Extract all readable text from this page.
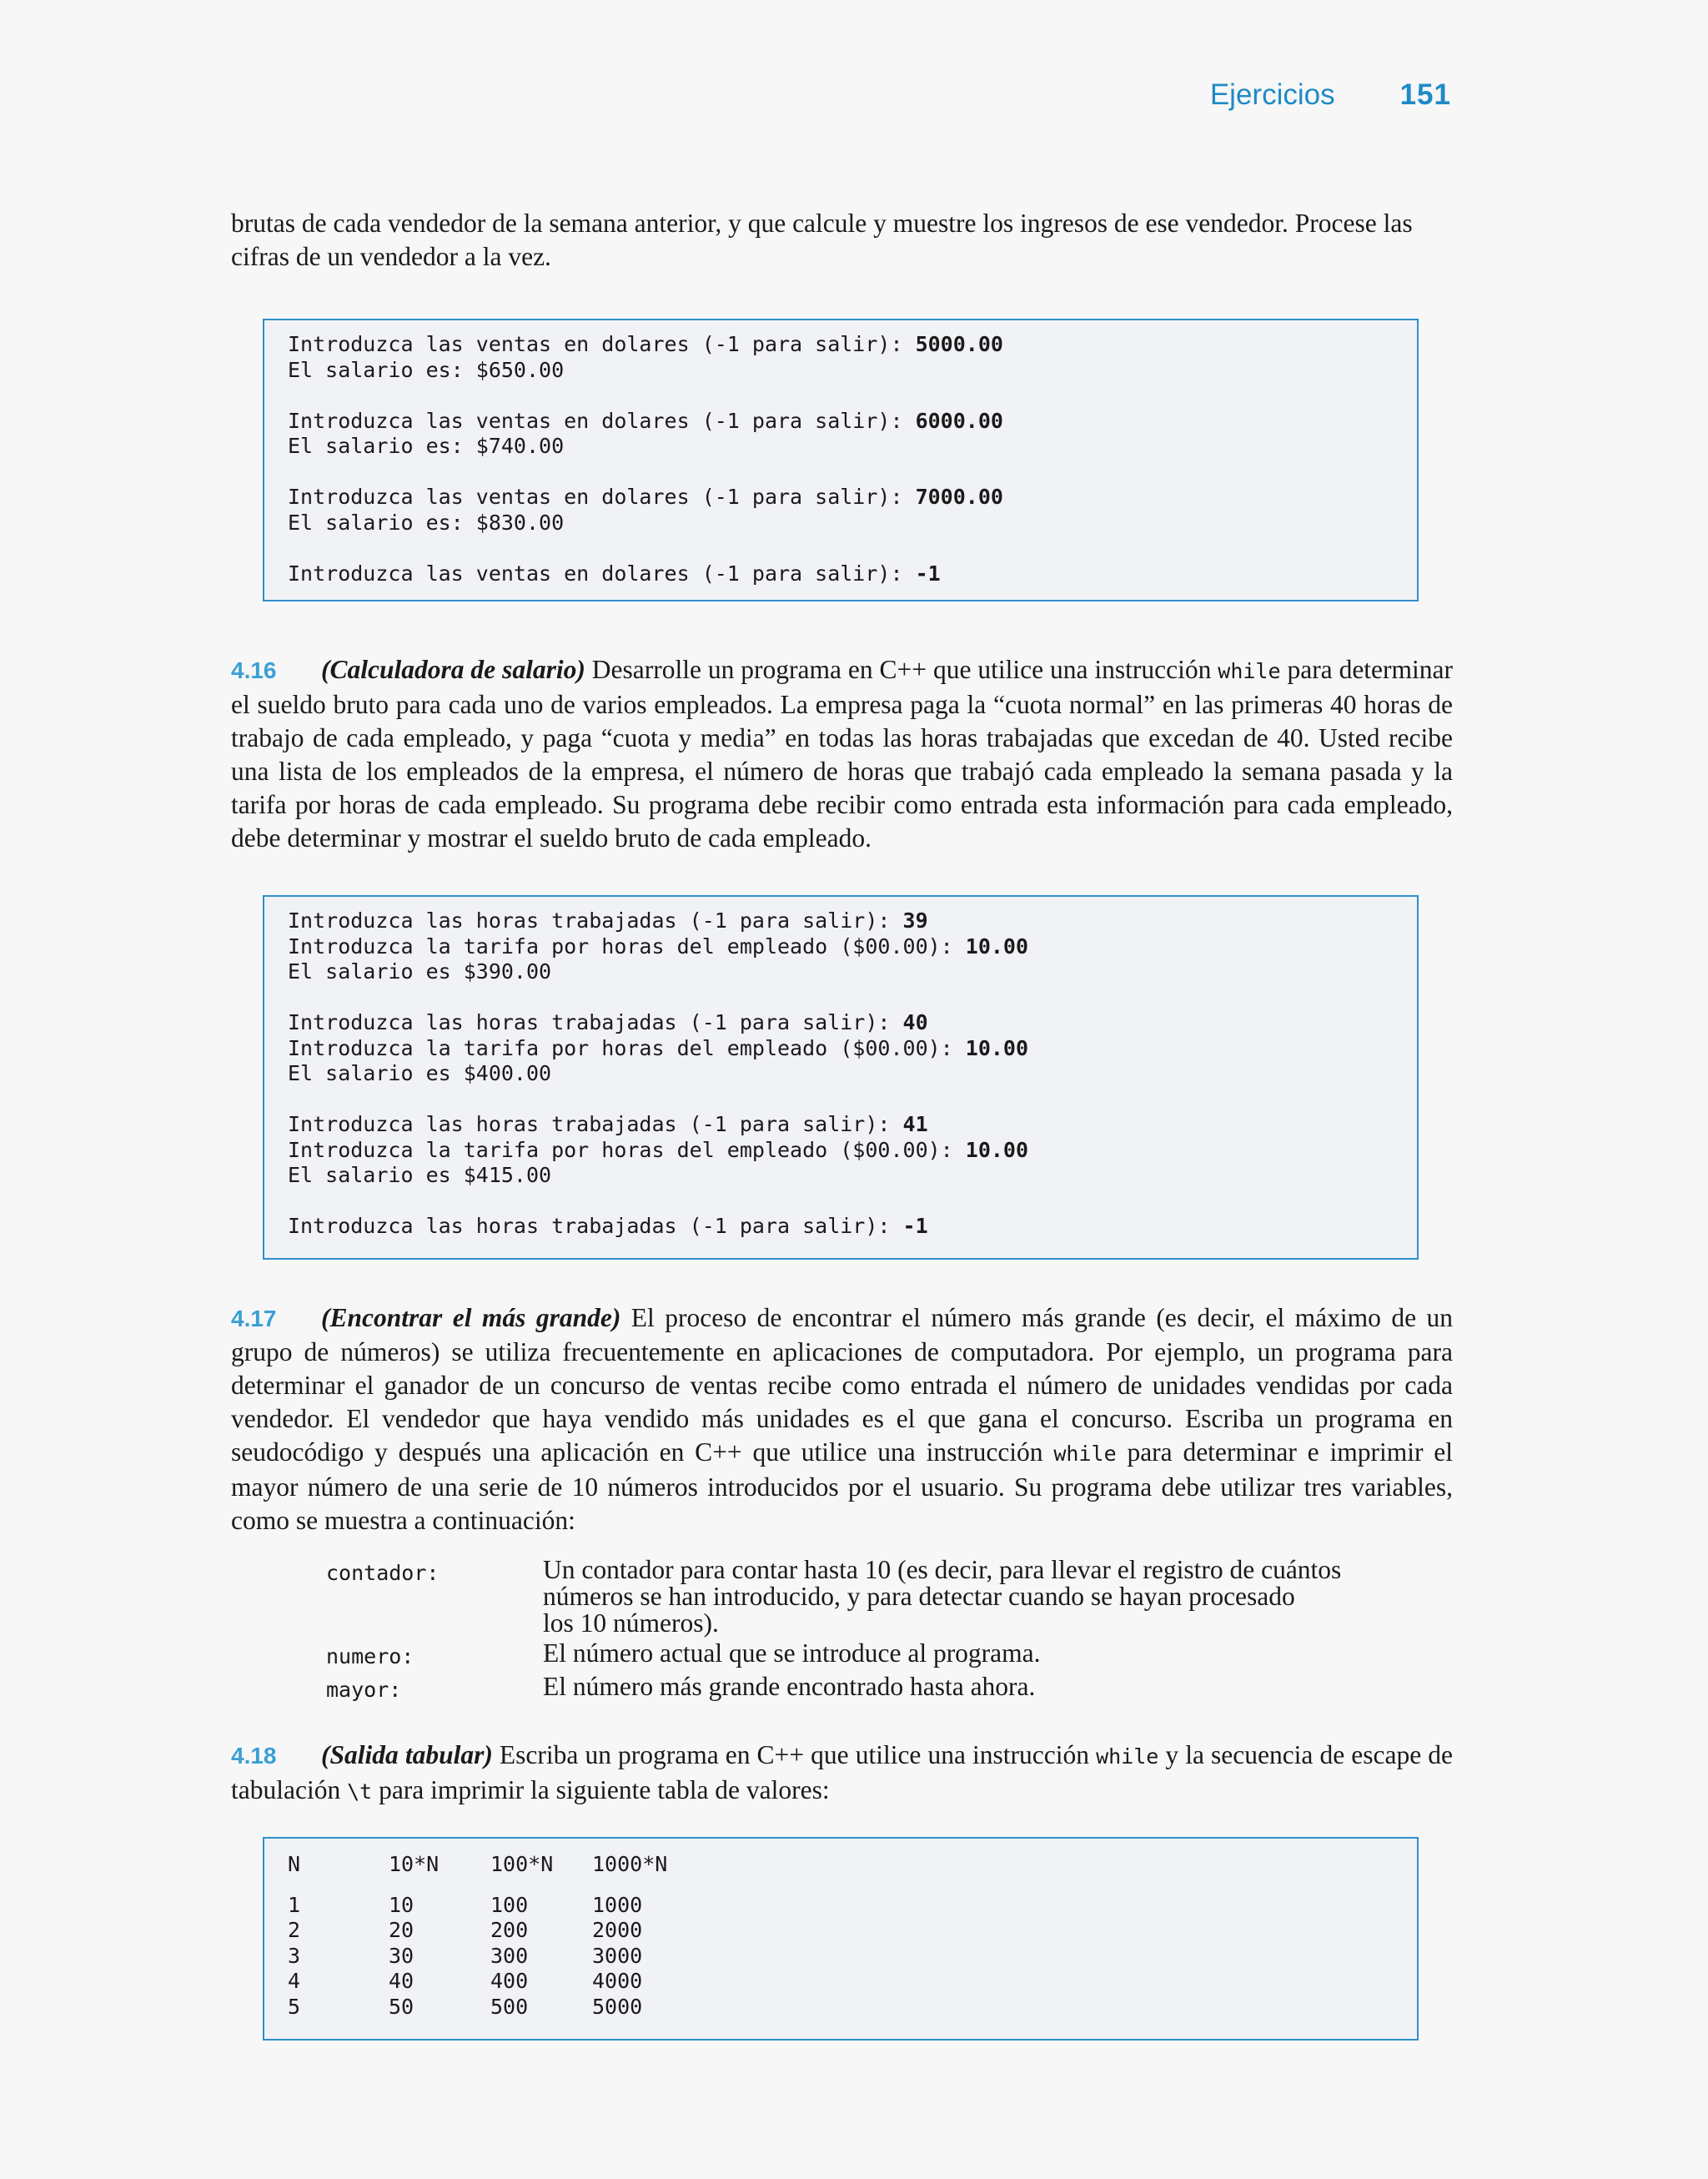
Ejercicios 151
brutas de cada vendedor de la semana anterior, y que calcule y muestre los ingresos de ese vendedor. Procese las
cifras de un vendedor a la vez.
Introduzca las ventas en dolares (-1 para salir): 5000.00
El salario es: $650.00
Introduzca las ventas en dolares (-1 para salir): 6000.00
El salario es: $740.00
Introduzca las ventas en dolares (-1 para salir): 7000.00
El salario es: $830.00
Introduzca las ventas en dolares (-1 para salir): -1

4.16 (Calculadora de salario) Desarrolle un programa en C++ que utilice una instrucción while para determinar el sueldo bruto para cada uno de varios empleados. La empresa paga la “cuota normal” en las primeras 40 horas de trabajo de cada empleado, y paga “cuota y media” en todas las horas trabajadas que excedan de 40. Usted recibe una lista de los empleados de la empresa, el número de horas que trabajó cada empleado la semana pasada y la tarifa por horas de cada empleado. Su programa debe recibir como entrada esta información para cada empleado, debe determinar y mostrar el sueldo bruto de cada empleado.

Introduzca las horas trabajadas (-1 para salir): 39
Introduzca la tarifa por horas del empleado ($00.00): 10.00
El salario es $390.00
Introduzca las horas trabajadas (-1 para salir): 40
Introduzca la tarifa por horas del empleado ($00.00): 10.00
El salario es $400.00
Introduzca las horas trabajadas (-1 para salir): 41
Introduzca la tarifa por horas del empleado ($00.00): 10.00
El salario es $415.00
Introduzca las horas trabajadas (-1 para salir): -1

4.17 (Encontrar el más grande) El proceso de encontrar el número más grande (es decir, el máximo de un grupo de números) se utiliza frecuentemente en aplicaciones de computadora. Por ejemplo, un programa para determinar el ganador de un concurso de ventas recibe como entrada el número de unidades vendidas por cada vendedor. El vendedor que haya vendido más unidades es el que gana el concurso. Escriba un programa en seudocódigo y después una aplicación en C++ que utilice una instrucción while para determinar e imprimir el mayor número de una serie de 10 números introducidos por el usuario. Su programa debe utilizar tres variables, como se muestra a continuación:

contador:	Un contador para contar hasta 10 (es decir, para llevar el registro de cuántos
números se han introducido, y para detectar cuando se hayan procesado
los 10 números).
numero:	El número actual que se introduce al programa.
mayor:	El número más grande encontrado hasta ahora.

4.18 (Salida tabular) Escriba un programa en C++ que utilice una instrucción while y la secuencia de escape de tabulación \t para imprimir la siguiente tabla de valores:

N	10*N	100*N	1000*N

1	10	100	1000
2	20	200	2000
3	30	300	3000
4	40	400	4000
5	50	500	5000
